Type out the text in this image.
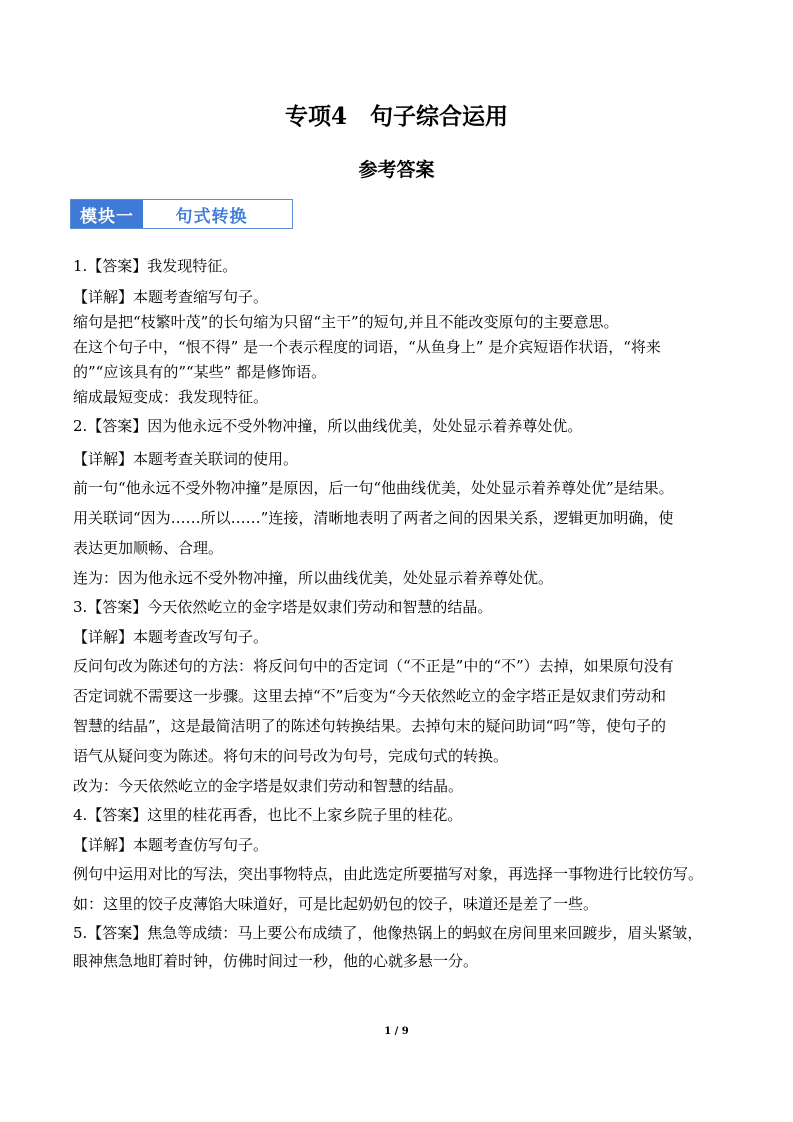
专项4　句子综合运用
参考答案
模块一	句式转换
1.【答案】我发现特征。
【详解】本题考查缩写句子。
缩句是把“枝繁叶茂”的长句缩为只留“主干”的短句,并且不能改变原句的主要意思。
在这个句子中，“恨不得” 是一个表示程度的词语，“从鱼身上” 是介宾短语作状语，“将来
的”“应该具有的”“某些” 都是修饰语。
缩成最短变成：我发现特征。
2.【答案】因为他永远不受外物冲撞，所以曲线优美，处处显示着养尊处优。
【详解】本题考查关联词的使用。
前一句“他永远不受外物冲撞”是原因，后一句“他曲线优美，处处显示着养尊处优”是结果。
用关联词“因为……所以……”连接，清晰地表明了两者之间的因果关系，逻辑更加明确，使
表达更加顺畅、合理。
连为：因为他永远不受外物冲撞，所以曲线优美，处处显示着养尊处优。
3.【答案】今天依然屹立的金字塔是奴隶们劳动和智慧的结晶。
【详解】本题考查改写句子。
反问句改为陈述句的方法：将反问句中的否定词（“不正是”中的“不”）去掉，如果原句没有
否定词就不需要这一步骤。这里去掉“不”后变为“今天依然屹立的金字塔正是奴隶们劳动和
智慧的结晶”，这是最简洁明了的陈述句转换结果。去掉句末的疑问助词“吗”等，使句子的
语气从疑问变为陈述。将句末的问号改为句号，完成句式的转换。
改为：今天依然屹立的金字塔是奴隶们劳动和智慧的结晶。
4.【答案】这里的桂花再香，也比不上家乡院子里的桂花。
【详解】本题考查仿写句子。
例句中运用对比的写法，突出事物特点，由此选定所要描写对象，再选择一事物进行比较仿写。
如：这里的饺子皮薄馅大味道好，可是比起奶奶包的饺子，味道还是差了一些。
5.【答案】焦急等成绩：马上要公布成绩了，他像热锅上的蚂蚁在房间里来回踱步，眉头紧皱，
眼神焦急地盯着时钟，仿佛时间过一秒，他的心就多悬一分。
1 / 9
